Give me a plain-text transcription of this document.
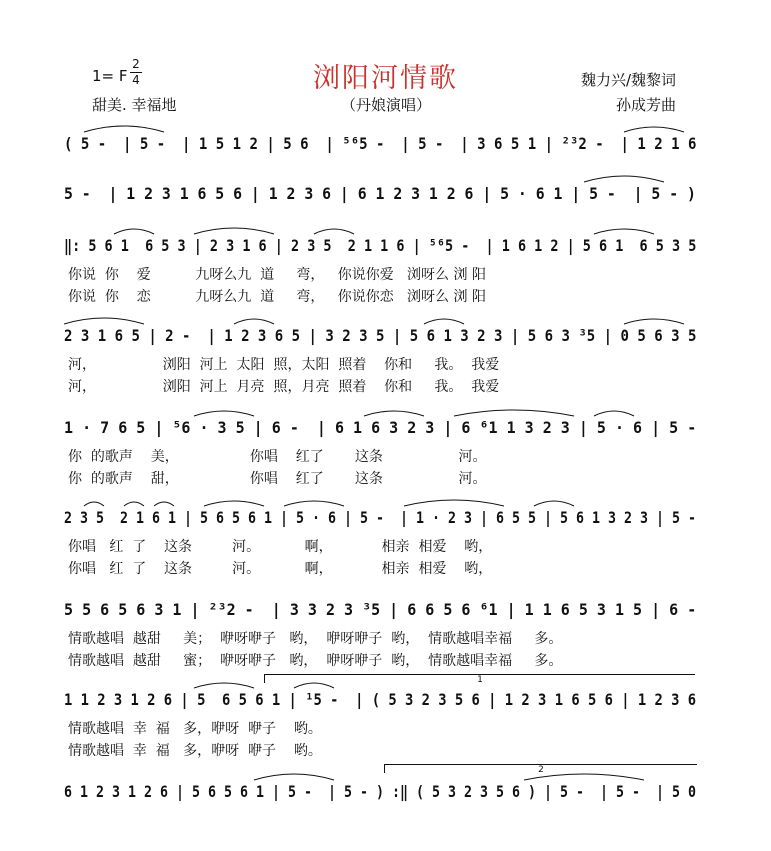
浏阳河情歌
1= F
2
4
甜美. 幸福地	（丹娘演唱）
魏力兴/魏黎词
孙成芳曲
( 5 -  | 5 -  | 1 5 1 2 | 5 6  | ⁵⁶5 -  | 5 -  | 3 6 5 1 | ²³2 -  | 1 2 1 6
5 -  | 1 2 3 1 6 5 6 | 1 2 3 6 | 6 1 2 3 1 2 6 | 5 · 6 1 | 5 -  | 5 - )
‖: 5 6 1  6 5 3 | 2 3 1 6 | 2 3 5  2 1 1 6 | ⁵⁶5 -  | 1 6 1 2 | 5 6 1  6 5 3 5
你说  你    爱          九呀么九  道     弯，   你说你爱   浏呀么 浏 阳
你说  你    恋          九呀么九  道     弯，   你说你恋   浏呀么 浏 阳
2 3 1 6 5 | 2 -  | 1 2 3 6 5 | 3 2 3 5 | 5 6 1 3 2 3 | 5 6 3 ³5 | 0 5 6 3 5
河，               浏阳  河上  太阳  照，太阳  照着    你和     我。  我爱
河，               浏阳  河上  月亮  照，月亮  照着    你和     我。  我爱
1 · 7 6 5 | ⁵6 · 3 5 | 6 -  | 6 1 6 3 2 3 | 6 ⁶1 1 3 2 3 | 5 · 6 | 5 -
你  的歌声    美，                你唱    红了       这条                 河。
你  的歌声    甜，                你唱    红了       这条                 河。
2 3 5  2 1 6 1 | 5 6 5 6 1 | 5 · 6 | 5 -  | 1 · 2 3 | 6 5 5 | 5 6 1 3 2 3 | 5 -
你唱   红  了    这条         河。          啊，           相亲  相爱    哟，
你唱   红  了    这条         河。          啊，           相亲  相爱    哟，
5 5 6 5 6 3 1 | ²³2 -  | 3 3 2 3 ³5 | 6 6 5 6 ⁶1 | 1 1 6 5 3 1 5 | 6 -
情歌越唱  越甜     美；  咿呀咿子   哟，  咿呀咿子  哟，  情歌越唱幸福     多。
情歌越唱  越甜     蜜；  咿呀咿子   哟，  咿呀咿子  哟，  情歌越唱幸福     多。
1
1 1 2 3 1 2 6 | 5  6 5 6 1 | ¹5 -  | ( 5 3 2 3 5 6 | 1 2 3 1 6 5 6 | 1 2 3 6
情歌越唱  幸  福   多，咿呀  咿子    哟。
情歌越唱  幸  福   多，咿呀  咿子    哟。
2
6 1 2 3 1 2 6 | 5 6 5 6 1 | 5 -  | 5 - ) :‖ ( 5 3 2 3 5 6 ) | 5 -  | 5 -  | 5 0
